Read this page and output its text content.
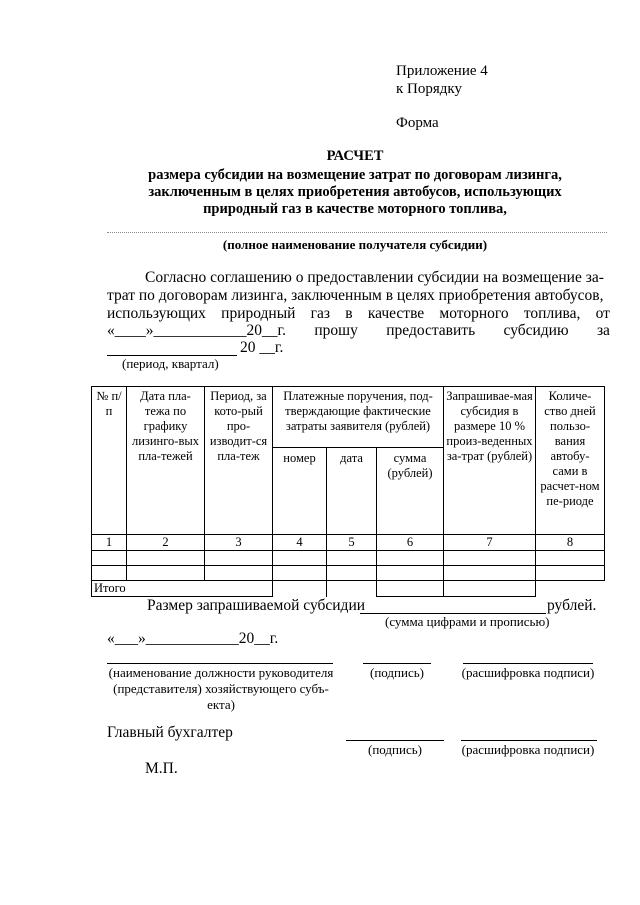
Приложение 4
к Порядку
Форма
РАСЧЕТ
размера субсидии на возмещение затрат по договорам лизинга,
заключенным в целях приобретения автобусов, использующих
природный газ в качестве моторного топлива,
(полное наименование получателя субсидии)
Согласно соглашению о предоставлении субсидии на возмещение за-
трат по договорам лизинга, заключенным в целях приобретения автобусов,
использующих природный газ в качестве моторного топлива, от
«____»____________20__г. прошу предоставить субсидию за
20 __г.
(период, квартал)
№ п/п	Дата пла-тежа по графику лизинго-вых пла-тежей	Период, за кото-рый про-изводит-ся пла-теж	Платежные поручения, под-тверждающие фактические затраты заявителя (рублей)			Запрашивае-мая субсидия в размере 10 % произ-веденных за-трат (рублей)	Количе-ство дней пользо-вания автобу-сами в расчет-ном пе-риоде
			номер	дата	сумма (рублей)		
1	2	3	4	5	6	7	8

Итого							
Размер запрашиваемой субсидии	рублей.
(сумма цифрами и прописью)
«___»____________20__г.
(наименование должности руководителя
(представителя) хозяйствующего субъ-
екта)
(подпись)	(расшифровка подписи)
Главный бухгалтер
(подпись)	(расшифровка подписи)
М.П.
